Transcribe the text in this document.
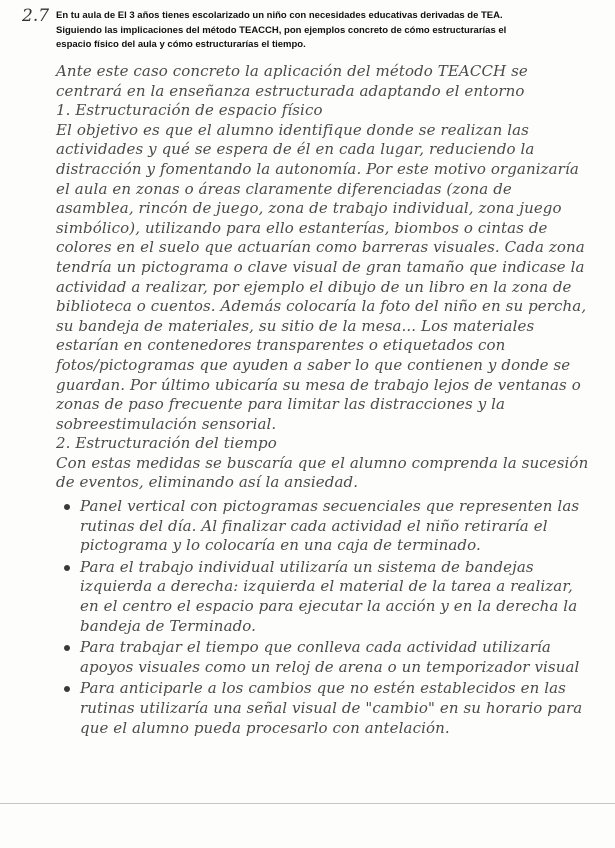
2.7 En tu aula de El 3 años tienes escolarizado un niño con necesidades educativas derivadas de TEA. Siguiendo las implicaciones del método TEACCH, pon ejemplos concreto de cómo estructurarías el espacio físico del aula y cómo estructurarías el tiempo.

Ante este caso concreto la aplicación del método TEACCH se centrará en la enseñanza estructurada adaptando el entorno

1. Estructuración de espacio físico

El objetivo es que el alumno identifique donde se realizan las actividades y qué se espera de él en cada lugar, reduciendo la distracción y fomentando la autonomía. Por este motivo organizaría el aula en zonas o áreas claramente diferenciadas (zona de asamblea, rincón de juego, zona de trabajo individual, zona juego simbólico), utilizando para ello estanterías, biombos o cintas de colores en el suelo que actuarían como barreras visuales. Cada zona tendría un pictograma o clave visual de gran tamaño que indicase la actividad a realizar, por ejemplo el dibujo de un libro en la zona de biblioteca o cuentos. Además colocaría la foto del niño en su percha, su bandeja de materiales, su sitio de la mesa... Los materiales estarían en contenedores transparentes o etiquetados con fotos/pictogramas que ayuden a saber lo que contienen y donde se guardan. Por último ubicaría su mesa de trabajo lejos de ventanas o zonas de paso frecuente para limitar las distracciones y la sobreestimulación sensorial.

2. Estructuración del tiempo

Con estas medidas se buscaría que el alumno comprenda la sucesión de eventos, eliminando así la ansiedad.

Panel vertical con pictogramas secuenciales que representen las rutinas del día. Al finalizar cada actividad el niño retiraría el pictograma y lo colocaría en una caja de terminado.
Para el trabajo individual utilizaría un sistema de bandejas izquierda a derecha: izquierda el material de la tarea a realizar, en el centro el espacio para ejecutar la acción y en la derecha la bandeja de Terminado.
Para trabajar el tiempo que conlleva cada actividad utilizaría apoyos visuales como un reloj de arena o un temporizador visual
Para anticiparle a los cambios que no estén establecidos en las rutinas utilizaría una señal visual de "cambio" en su horario para que el alumno pueda procesarlo con antelación.
